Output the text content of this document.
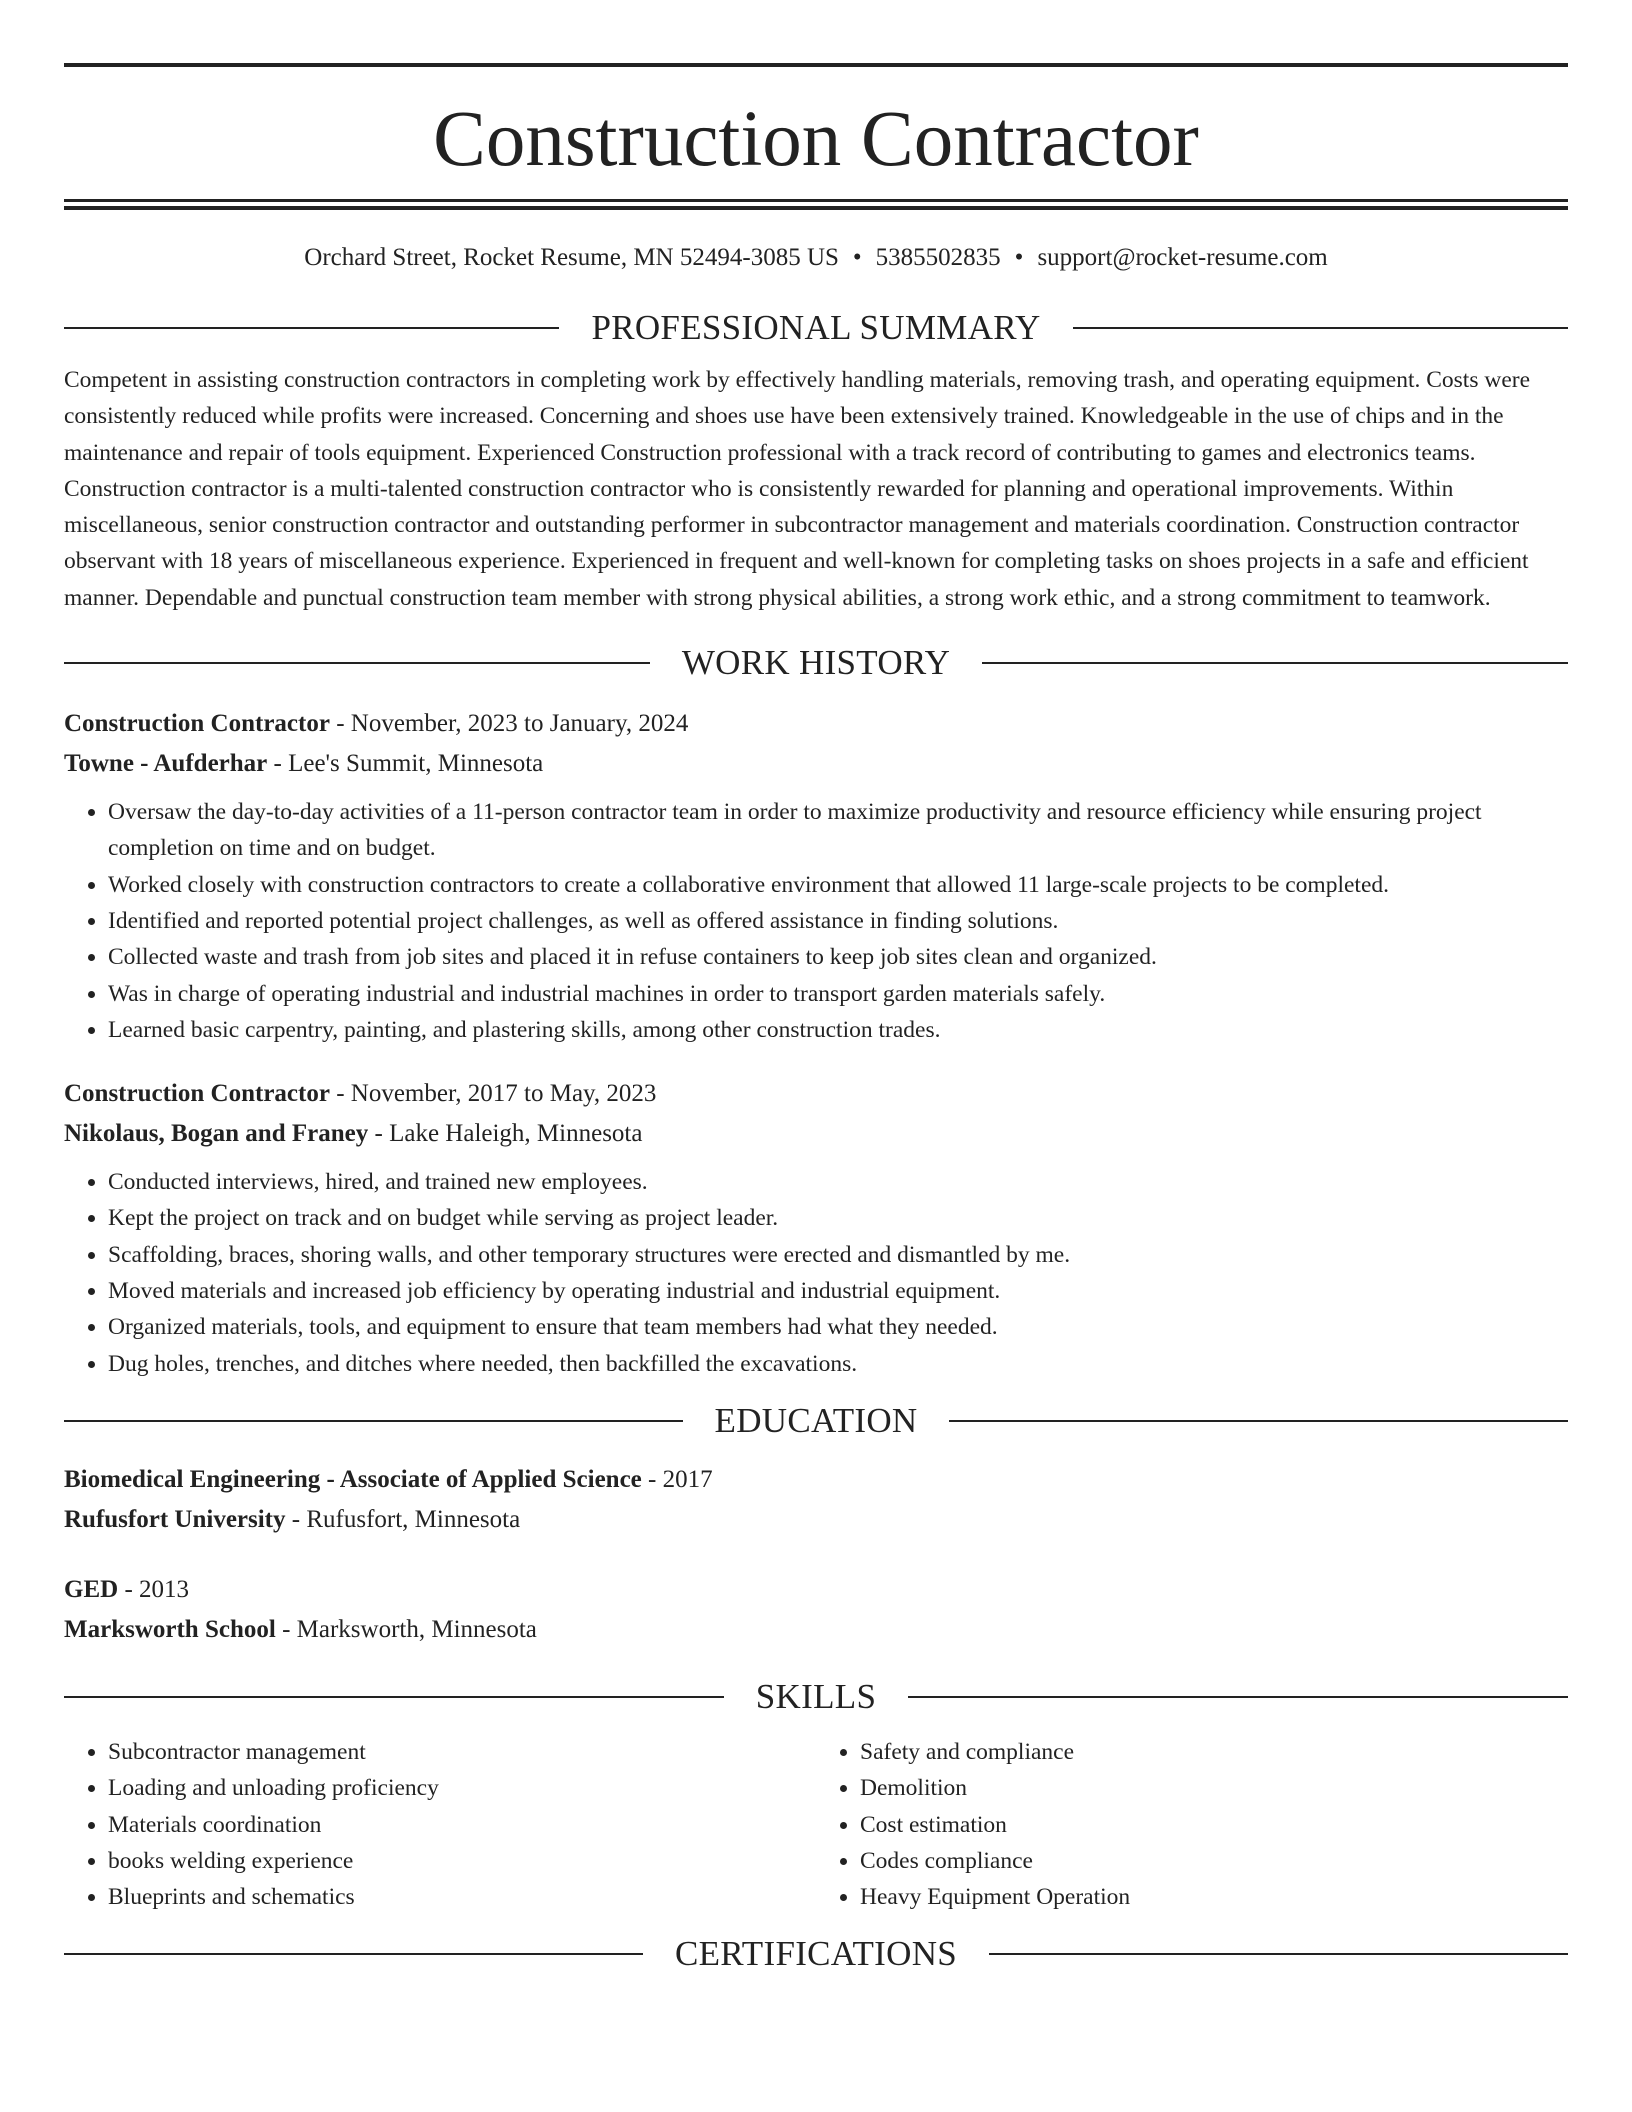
Construction Contractor
Orchard Street, Rocket Resume, MN 52494-3085 US • 5385502835 • support@rocket-resume.com
PROFESSIONAL SUMMARY
Competent in assisting construction contractors in completing work by effectively handling materials, removing trash, and operating equipment. Costs were consistently reduced while profits were increased. Concerning and shoes use have been extensively trained. Knowledgeable in the use of chips and in the maintenance and repair of tools equipment. Experienced Construction professional with a track record of contributing to games and electronics teams. Construction contractor is a multi-talented construction contractor who is consistently rewarded for planning and operational improvements. Within miscellaneous, senior construction contractor and outstanding performer in subcontractor management and materials coordination. Construction contractor observant with 18 years of miscellaneous experience. Experienced in frequent and well-known for completing tasks on shoes projects in a safe and efficient manner. Dependable and punctual construction team member with strong physical abilities, a strong work ethic, and a strong commitment to teamwork.
WORK HISTORY
Construction Contractor - November, 2023 to January, 2024
Towne - Aufderhar - Lee's Summit, Minnesota
• Oversaw the day-to-day activities of a 11-person contractor team in order to maximize productivity and resource efficiency while ensuring project completion on time and on budget.
• Worked closely with construction contractors to create a collaborative environment that allowed 11 large-scale projects to be completed.
• Identified and reported potential project challenges, as well as offered assistance in finding solutions.
• Collected waste and trash from job sites and placed it in refuse containers to keep job sites clean and organized.
• Was in charge of operating industrial and industrial machines in order to transport garden materials safely.
• Learned basic carpentry, painting, and plastering skills, among other construction trades.
Construction Contractor - November, 2017 to May, 2023
Nikolaus, Bogan and Franey - Lake Haleigh, Minnesota
• Conducted interviews, hired, and trained new employees.
• Kept the project on track and on budget while serving as project leader.
• Scaffolding, braces, shoring walls, and other temporary structures were erected and dismantled by me.
• Moved materials and increased job efficiency by operating industrial and industrial equipment.
• Organized materials, tools, and equipment to ensure that team members had what they needed.
• Dug holes, trenches, and ditches where needed, then backfilled the excavations.
EDUCATION
Biomedical Engineering - Associate of Applied Science - 2017
Rufusfort University - Rufusfort, Minnesota
GED - 2013
Marksworth School - Marksworth, Minnesota
SKILLS
• Subcontractor management
• Loading and unloading proficiency
• Materials coordination
• books welding experience
• Blueprints and schematics
• Safety and compliance
• Demolition
• Cost estimation
• Codes compliance
• Heavy Equipment Operation
CERTIFICATIONS
